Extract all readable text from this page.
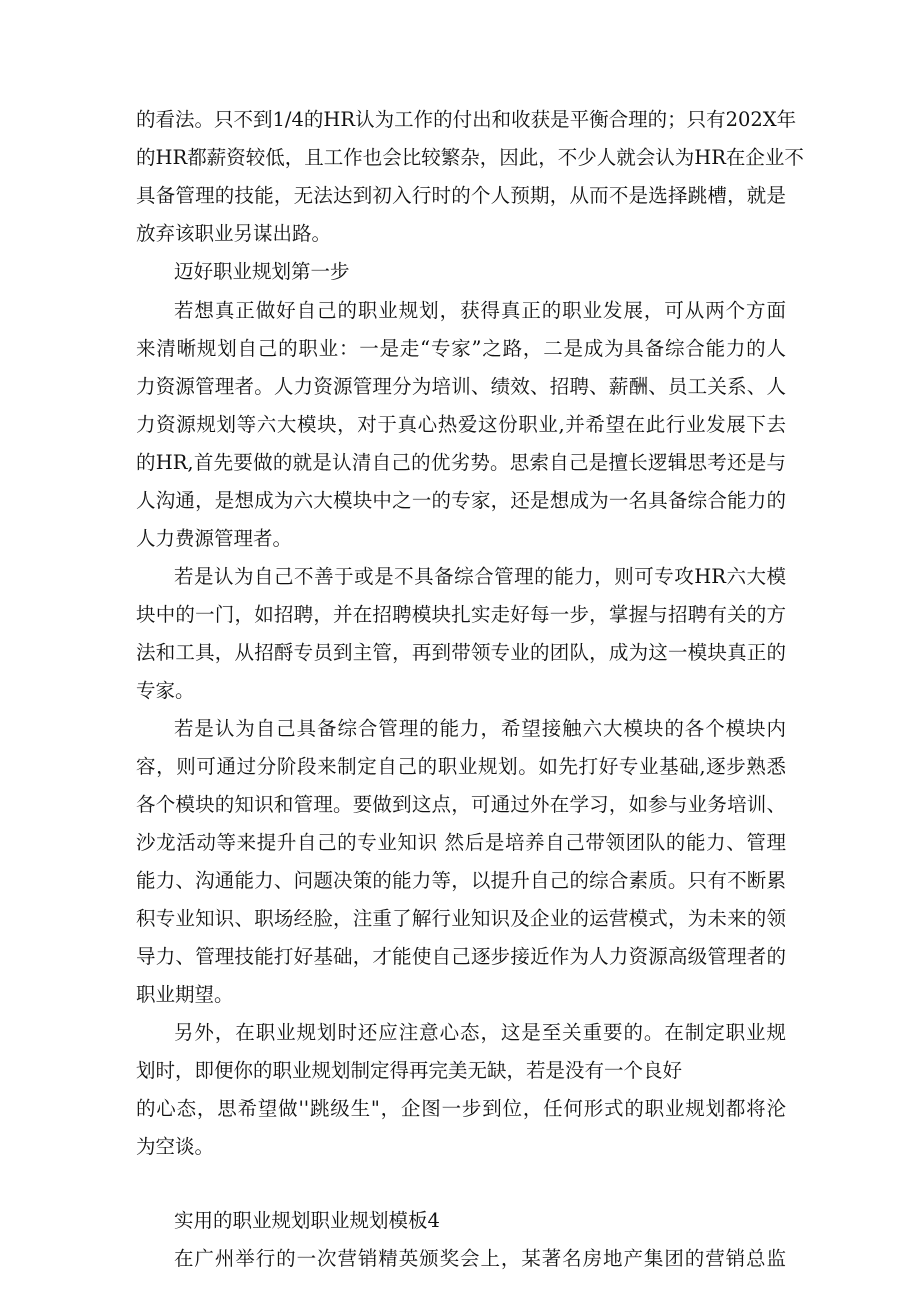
的看法。只不到1/4的HR认为工作的付出和收获是平衡合理的；只有202X年
的HR都薪资较低，且工作也会比较繁杂，因此，不少人就会认为HR在企业不
具备管理的技能，无法达到初入行时的个人预期，从而不是选择跳槽，就是
放弃该职业另谋出路。
迈好职业规划第一步
若想真正做好自己的职业规划，获得真正的职业发展，可从两个方面
来清晰规划自己的职业：一是走“专家”之路，二是成为具备综合能力的人
力资源管理者。人力资源管理分为培训、绩效、招聘、薪酬、员工关系、人
力资源规划等六大模块，对于真心热爱这份职业,并希望在此行业发展下去
的HR,首先要做的就是认清自己的优劣势。思索自己是擅长逻辑思考还是与
人沟通，是想成为六大模块中之一的专家，还是想成为一名具备综合能力的
人力费源管理者。
若是认为自己不善于或是不具备综合管理的能力，则可专攻HR六大模
块中的一门，如招聘，并在招聘模块扎实走好每一步，掌握与招聘有关的方
法和工具，从招酹专员到主管，再到带领专业的团队，成为这一模块真正的
专家。
若是认为自己具备综合管理的能力，希望接触六大模块的各个模块内
容，则可通过分阶段来制定自己的职业规划。如先打好专业基础,逐步熟悉
各个模块的知识和管理。要做到这点，可通过外在学习，如参与业务培训、
沙龙活动等来提升自己的专业知识 然后是培养自己带领团队的能力、管理
能力、沟通能力、问题决策的能力等，以提升自己的综合素质。只有不断累
积专业知识、职场经脸，注重了解行业知识及企业的运营模式，为未来的领
导力、管理技能打好基础，才能使自己逐步接近作为人力资源高级管理者的
职业期望。
另外，在职业规划时还应注意心态，这是至关重要的。在制定职业规
划时，即便你的职业规划制定得再完美无缺，若是没有一个良好
的心态，思希望做''跳级生"，企图一步到位，任何形式的职业规划都将沦
为空谈。
实用的职业规划职业规划模板4
在广州举行的一次营销精英颁奖会上，某著名房地产集团的营销总监
